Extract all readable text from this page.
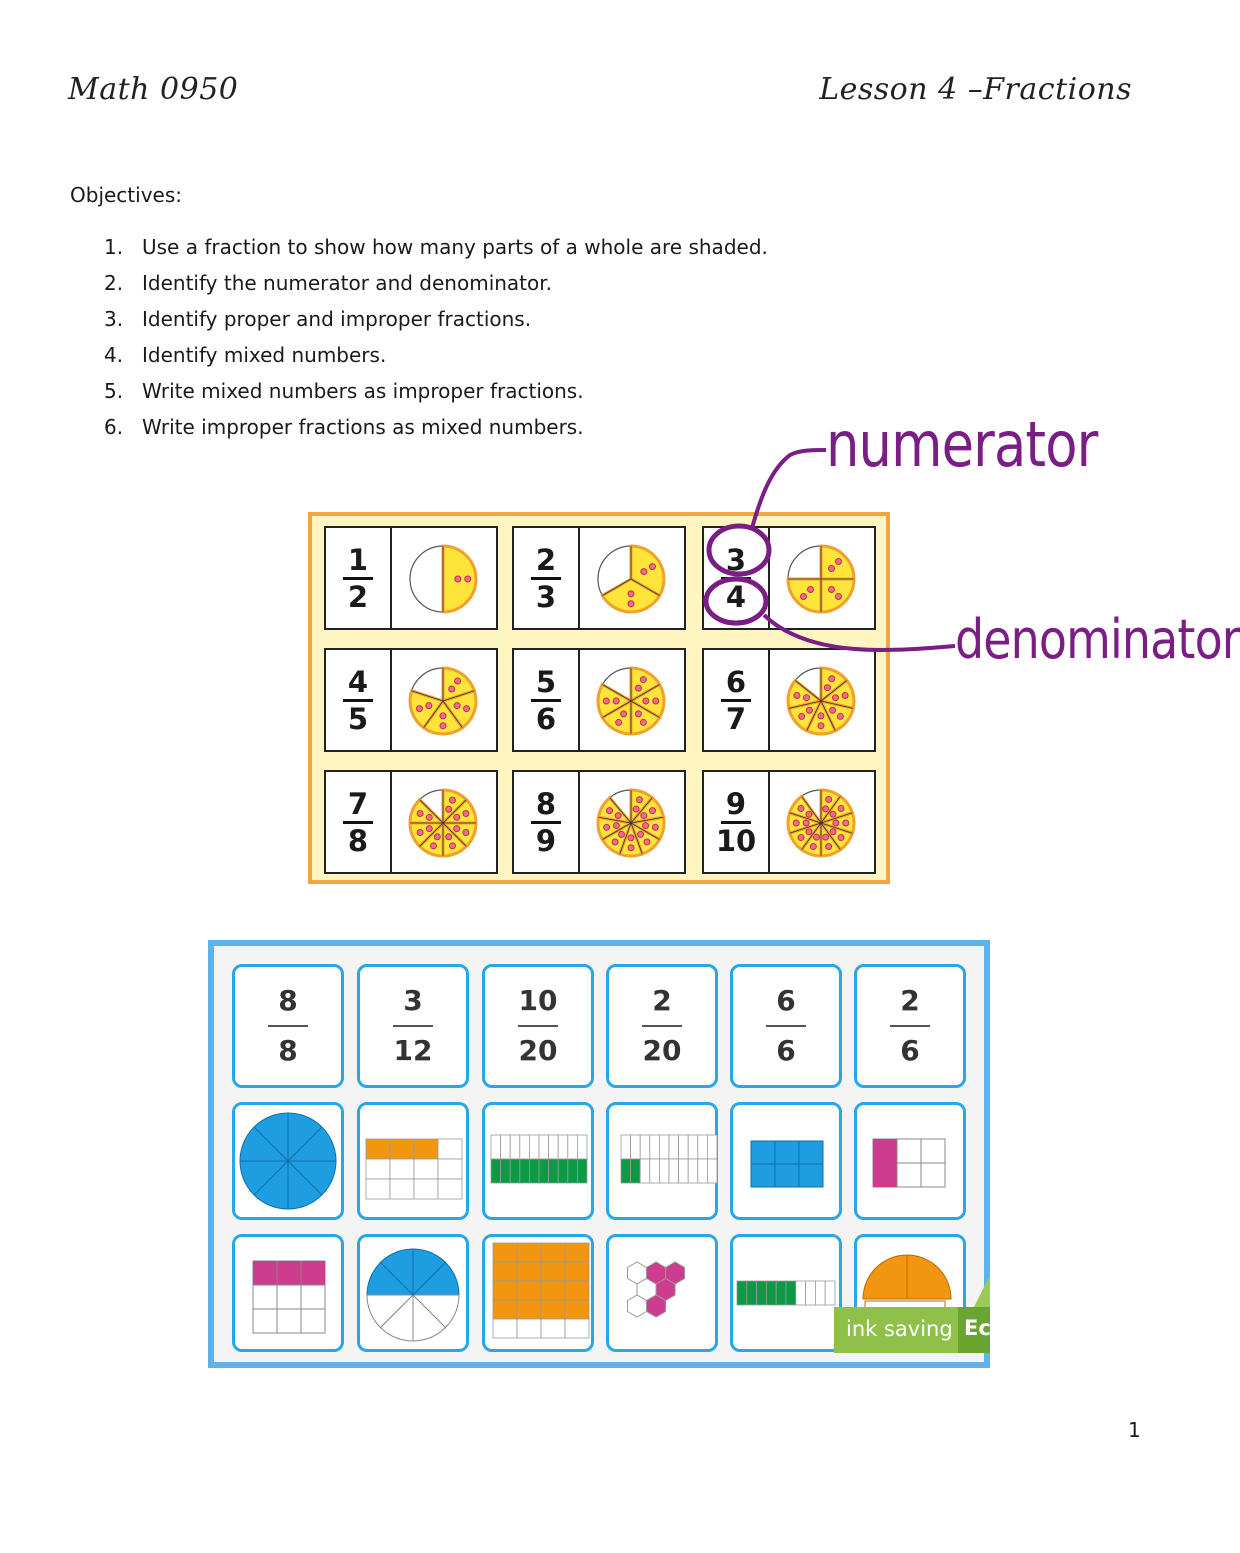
Math 0950	Lesson 4 –Fractions
Objectives:
1. Use a fraction to show how many parts of a whole are shaded.
2. Identify the numerator and denominator.
3. Identify proper and improper fractions.
4. Identify mixed numbers.
5. Write mixed numbers as improper fractions.
6. Write improper fractions as mixed numbers.
1
2
2
3
3
4
4
5
5
6
6
7
7
8
8
9
9
10
numerator
denominator
8
8
3
12
10
20
2
20
6
6
2
6
ink saving Ec
1
